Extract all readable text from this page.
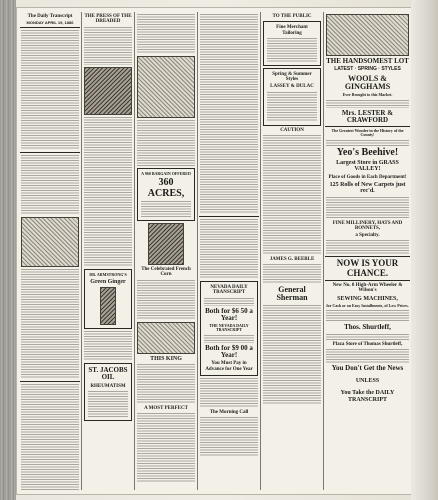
The Daily Transcript
MONDAY APRIL 19, 1886
THE PRESS OF THE DREADED
DR. ARMSTRONG'S
Green Ginger
ST. JACOBS OIL
RHEUMATISM
A 960 BARGAIN OFFERED
360 ACRES,
The Celebrated French Corn
THIS KING
A MOST PERFECT
NEVADA DAILY TRANSCRIPT
Both for $6 50 a Year!
THE NEVADA DAILY TRANSCRIPT
Both for $9 00 a Year!
You Must Pay in Advance for One Year
The Morning Call
TO THE PUBLIC
Fine Merchant Tailoring
Spring & Summer Styles
LASSEY & DULAC
CAUTION
JAMES G. BEEBLE
General Sherman
THE HANDSOMEST LOT
LATEST · SPRING · STYLES
WOOLS & GINGHAMS
Ever Brought to this Market.
Mrs. LESTER & CRAWFORD
The Greatest Wonder in the History of the County!
Yeo's Beehive!
Largest Store in GRASS VALLEY!
Place of Goods in Each Department!
125 Rolls of New Carpets just rec'd.
FINE MILLINERY, HATS AND BONNETS,
a Specialty.
NOW IS YOUR CHANCE.
New No. 8 High-Arm Wheeler & Wilson's
SEWING MACHINES,
for Cash or on Easy Installments, of Low Prices.
Thos. Shurtleff,
Plaza Store of Thomas Shurtleff,
You Don't Get the News
UNLESS
You Take the DAILY TRANSCRIPT
